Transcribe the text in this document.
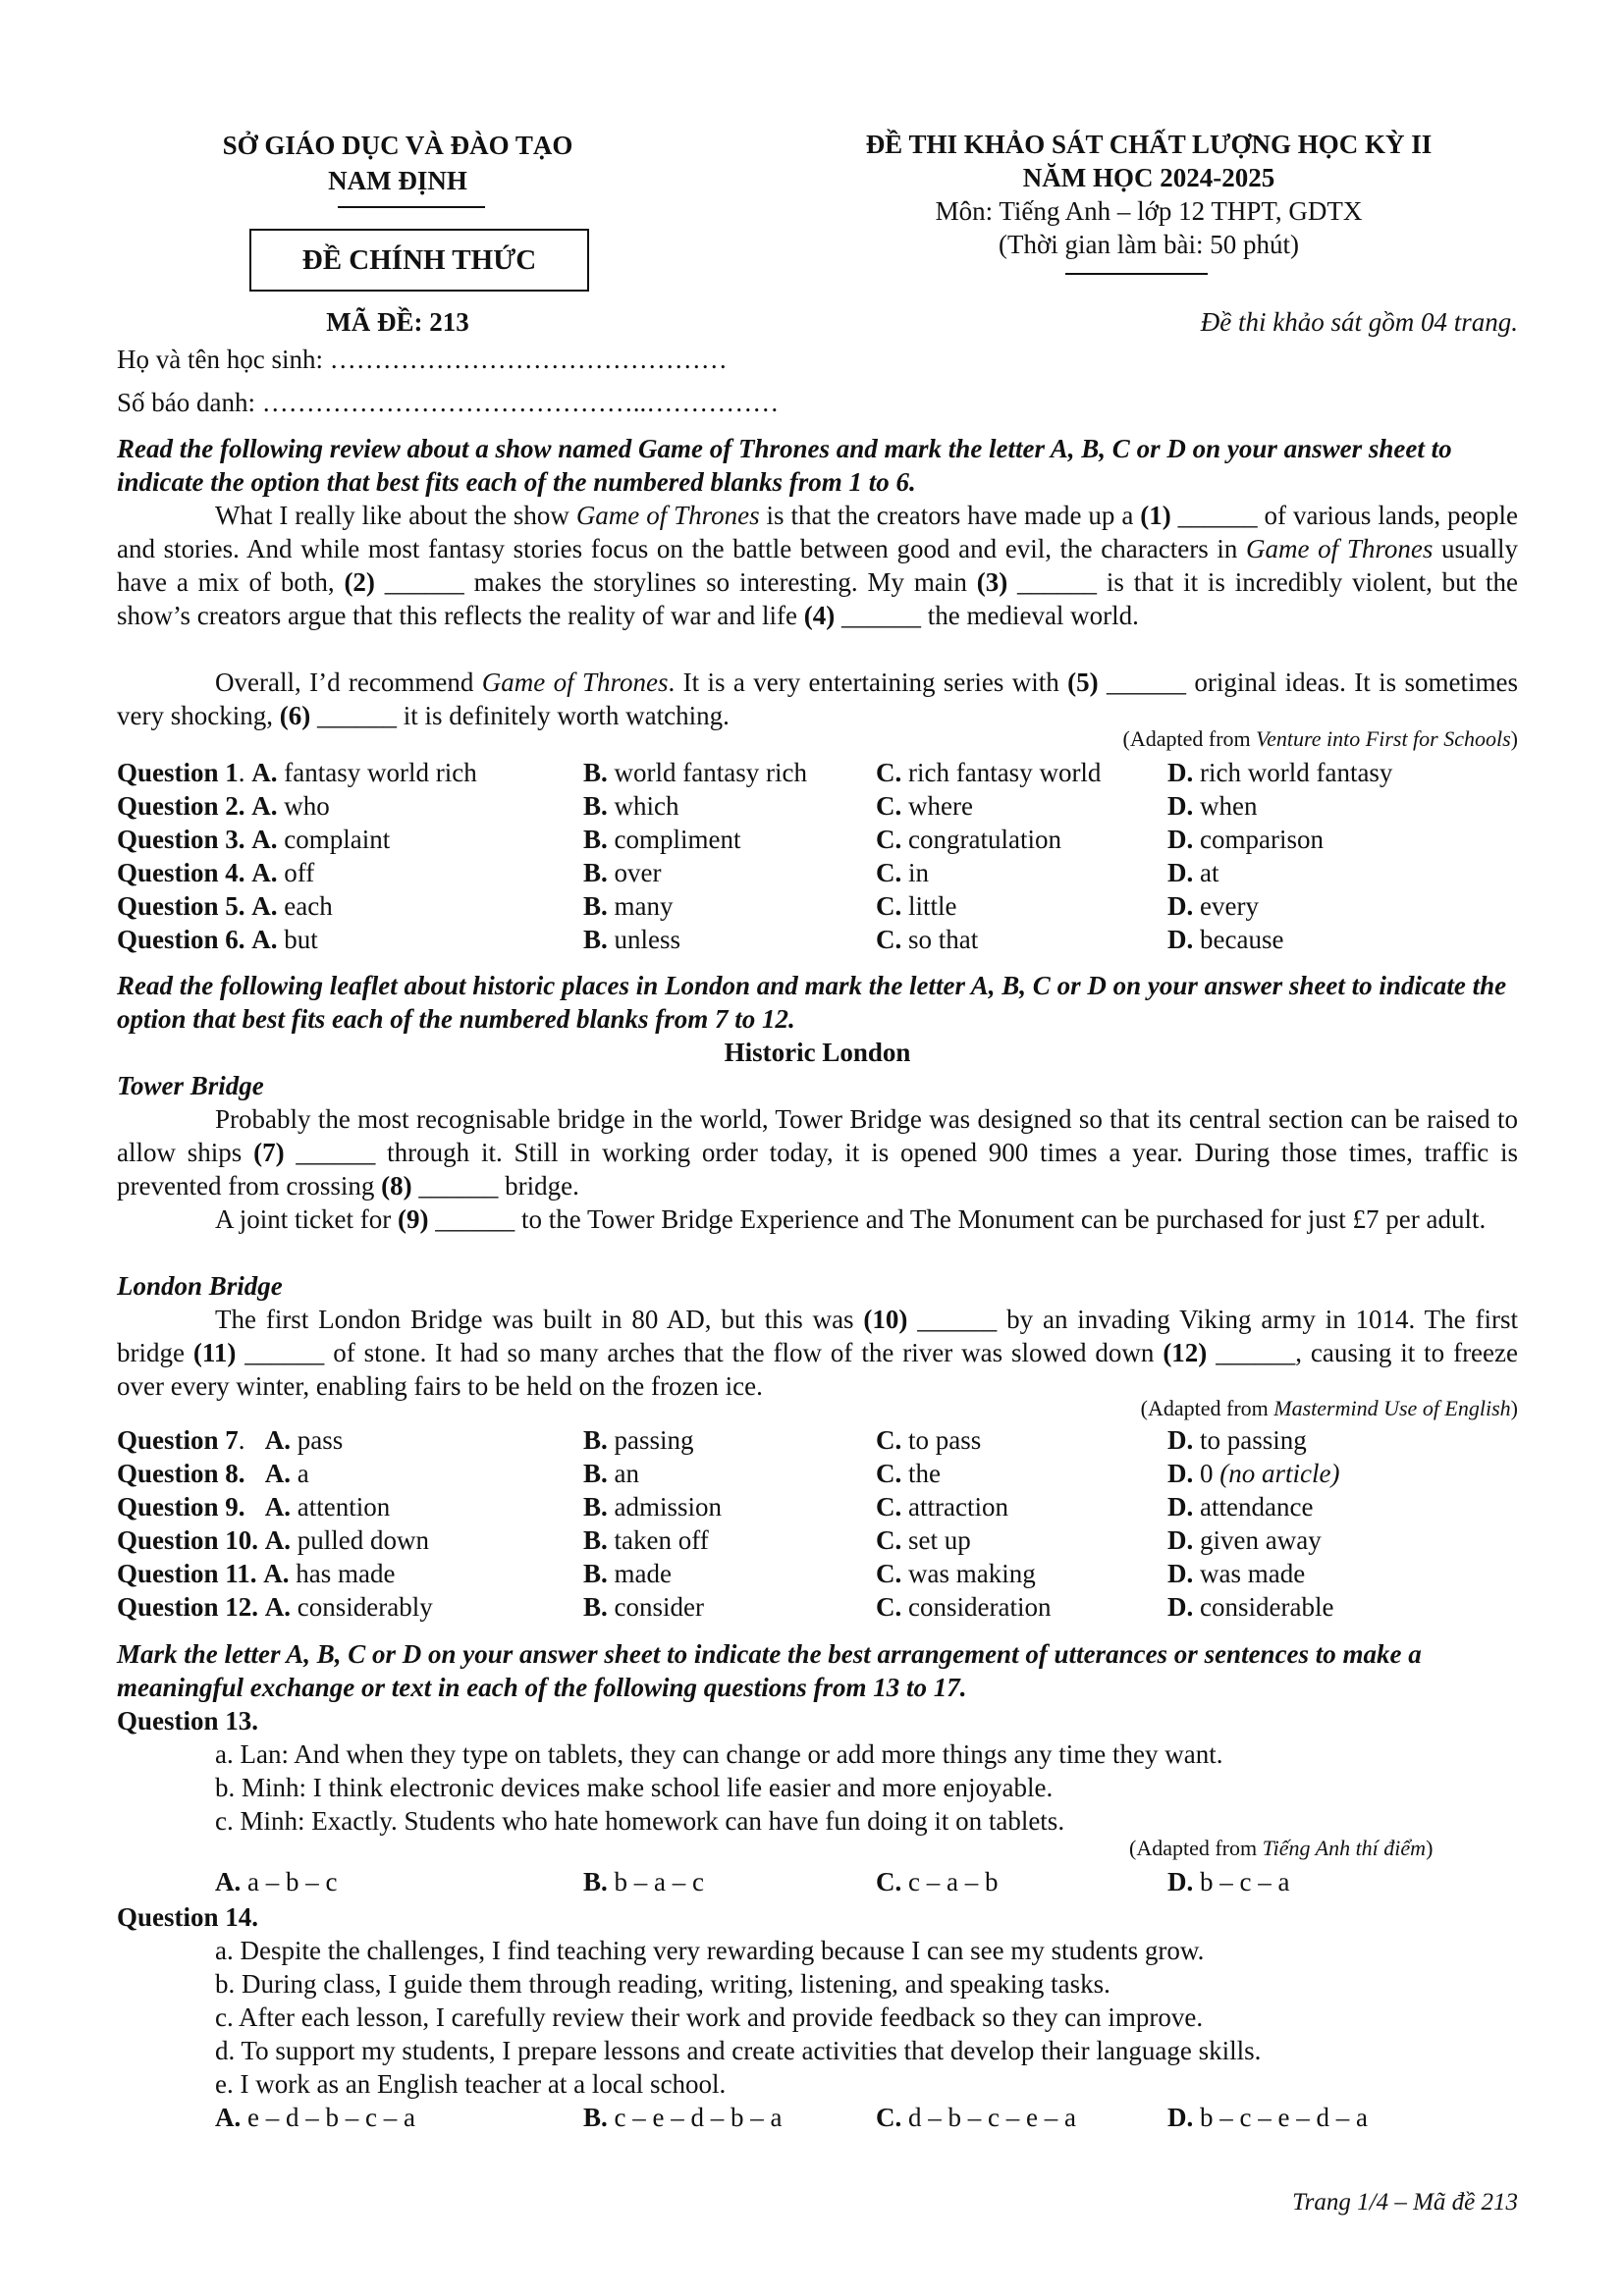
SỞ GIÁO DỤC VÀ ĐÀO TẠO
NAM ĐỊNH
ĐỀ CHÍNH THỨC
MÃ ĐỀ: 213
ĐỀ THI KHẢO SÁT CHẤT LƯỢNG HỌC KỲ II
NĂM HỌC 2024-2025
Môn: Tiếng Anh – lớp 12 THPT, GDTX
(Thời gian làm bài: 50 phút)
Đề thi khảo sát gồm 04 trang.
Họ và tên học sinh: ………………………………………
Số báo danh: ……………………………………..……………
Read the following review about a show named Game of Thrones and mark the letter A, B, C or D on your answer sheet to indicate the option that best fits each of the numbered blanks from 1 to 6.
What I really like about the show Game of Thrones is that the creators have made up a (1) ______ of various lands, people and stories. And while most fantasy stories focus on the battle between good and evil, the characters in Game of Thrones usually have a mix of both, (2) ______ makes the storylines so interesting. My main (3) ______ is that it is incredibly violent, but the show’s creators argue that this reflects the reality of war and life (4) ______ the medieval world.
Overall, I’d recommend Game of Thrones. It is a very entertaining series with (5) ______ original ideas. It is sometimes very shocking, (6) ______ it is definitely worth watching.
(Adapted from Venture into First for Schools)
Question 1. A. fantasy world rich	B. world fantasy rich	C. rich fantasy world	D. rich world fantasy
Question 2. A. who	B. which	C. where	D. when
Question 3. A. complaint	B. compliment	C. congratulation	D. comparison
Question 4. A. off	B. over	C. in	D. at
Question 5. A. each	B. many	C. little	D. every
Question 6. A. but	B. unless	C. so that	D. because
Read the following leaflet about historic places in London and mark the letter A, B, C or D on your answer sheet to indicate the option that best fits each of the numbered blanks from 7 to 12.
Historic London
Tower Bridge
Probably the most recognisable bridge in the world, Tower Bridge was designed so that its central section can be raised to allow ships (7) ______ through it. Still in working order today, it is opened 900 times a year. During those times, traffic is prevented from crossing (8) ______ bridge.
A joint ticket for (9) ______ to the Tower Bridge Experience and The Monument can be purchased for just £7 per adult.
London Bridge
The first London Bridge was built in 80 AD, but this was (10) ______ by an invading Viking army in 1014. The first bridge (11) ______ of stone. It had so many arches that the flow of the river was slowed down (12) ______, causing it to freeze over every winter, enabling fairs to be held on the frozen ice.
(Adapted from Mastermind Use of English)
Question 7.   A. pass	B. passing	C. to pass	D. to passing
Question 8. A. a	B. an	C. the	D. 0 (no article)
Question 9. A. attention	B. admission	C. attraction	D. attendance
Question 10. A. pulled down	B. taken off	C. set up	D. given away
Question 11. A. has made	B. made	C. was making	D. was made
Question 12. A. considerably	B. consider	C. consideration	D. considerable
Mark the letter A, B, C or D on your answer sheet to indicate the best arrangement of utterances or sentences to make a meaningful exchange or text in each of the following questions from 13 to 17.
Question 13.
a. Lan: And when they type on tablets, they can change or add more things any time they want.
b. Minh: I think electronic devices make school life easier and more enjoyable.
c. Minh: Exactly. Students who hate homework can have fun doing it on tablets.
(Adapted from Tiếng Anh thí điểm)
A. a – b – c	B. b – a – c	C. c – a – b	D. b – c – a
Question 14.
a. Despite the challenges, I find teaching very rewarding because I can see my students grow.
b. During class, I guide them through reading, writing, listening, and speaking tasks.
c. After each lesson, I carefully review their work and provide feedback so they can improve.
d. To support my students, I prepare lessons and create activities that develop their language skills.
e. I work as an English teacher at a local school.
A. e – d – b – c – a	B. c – e – d – b – a	C. d – b – c – e – a	D. b – c – e – d – a
Trang 1/4 – Mã đề 213
